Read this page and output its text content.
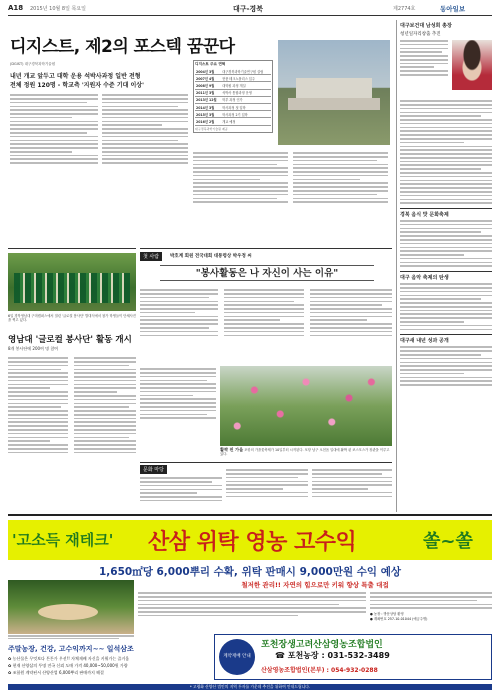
A18 2015년 10월 8일 목요일	대구-경북	제2774호	동아일보
디지스트, 제2의 포스텍 꿈꾼다
(DGIST) 대구경북과학기술원
내년 개교 앞두고 대학 운용 석박사과정 일반 전형
전체 정원 120명 - 학교측 '지원자 수준 기대 이상'
디지스트 주요 연혁
2004년 3월	대구경북과학기술연구원 설립
2007년 4월	현풍 테크노폴리스 입주
2008년 9월	대학원 과정 개설
2011년 3월	석박사 통합과정 운영
2013년 12월	학부 과정 인가
2014년 3월	학사과정 첫 입학
2015년 3월	학사과정 2기 입학
2016년 2월	개교 예정
대구경북과학기술원 제공
6일 경북영남대 구미캠퍼스에서 열린 '글로컬 봉사단' 발대식에서 참가 학생들이 단체사진을 찍고 있다.
영남대 '글로컬 봉사단' 활동 개시
8개 봉사단에 200여 명 참여
첫 사람	박호계 회원 전국대회 대통령상 박우정 씨
"봉사활동은 나 자신이 사는 이유"
활짝 핀 가을 포항의 가을꽃축제가 10일부터 시작된다. 포항 남구 오천읍 일대에 활짝 핀 코스모스가 장관을 이루고 있다.
문화 마당
대구보건대 남성희 총장
청년일자리창출 추진
경북 음식 맛 문화축제
대구 음악 축제의 탄생
대구새 내년 성과 공개
'고소득 재테크' 산삼 위탁 영농 고수익	쏠~쏠
1,650㎡당 6,000뿌리 수확, 위탁 판매시 9,000만원 수익 예상
철저한 관리!! 자연의 힘으로만 키워 향상 특출 대접
● 농장 : 방문상담 환영
● 계좌번호 257-10-01044 (예금주명)
주말농장, 건강, 고수익까지~~ 일석삼조
✿ 농산물은 무엇보다 튼튼가 우선!! 자체재배 자신을 키워가는 즐거움
✿ 현재 산양삼의 투명 전국 신뢰 도매 가격 40,000~50,000원 가량
✿ 조합원 계약된서 산양산업 6,000뿌리 판매까지 해결
계약재배 안내
포천장생고려산삼영농조합법인
☎ 포천농장 : 031-532-3489
산삼영농조합법인(본부) : 054-932-0288
* 고령화 산양산 법인의 지역 투자를 가운데 추진을 위하여 안내드립니다.
